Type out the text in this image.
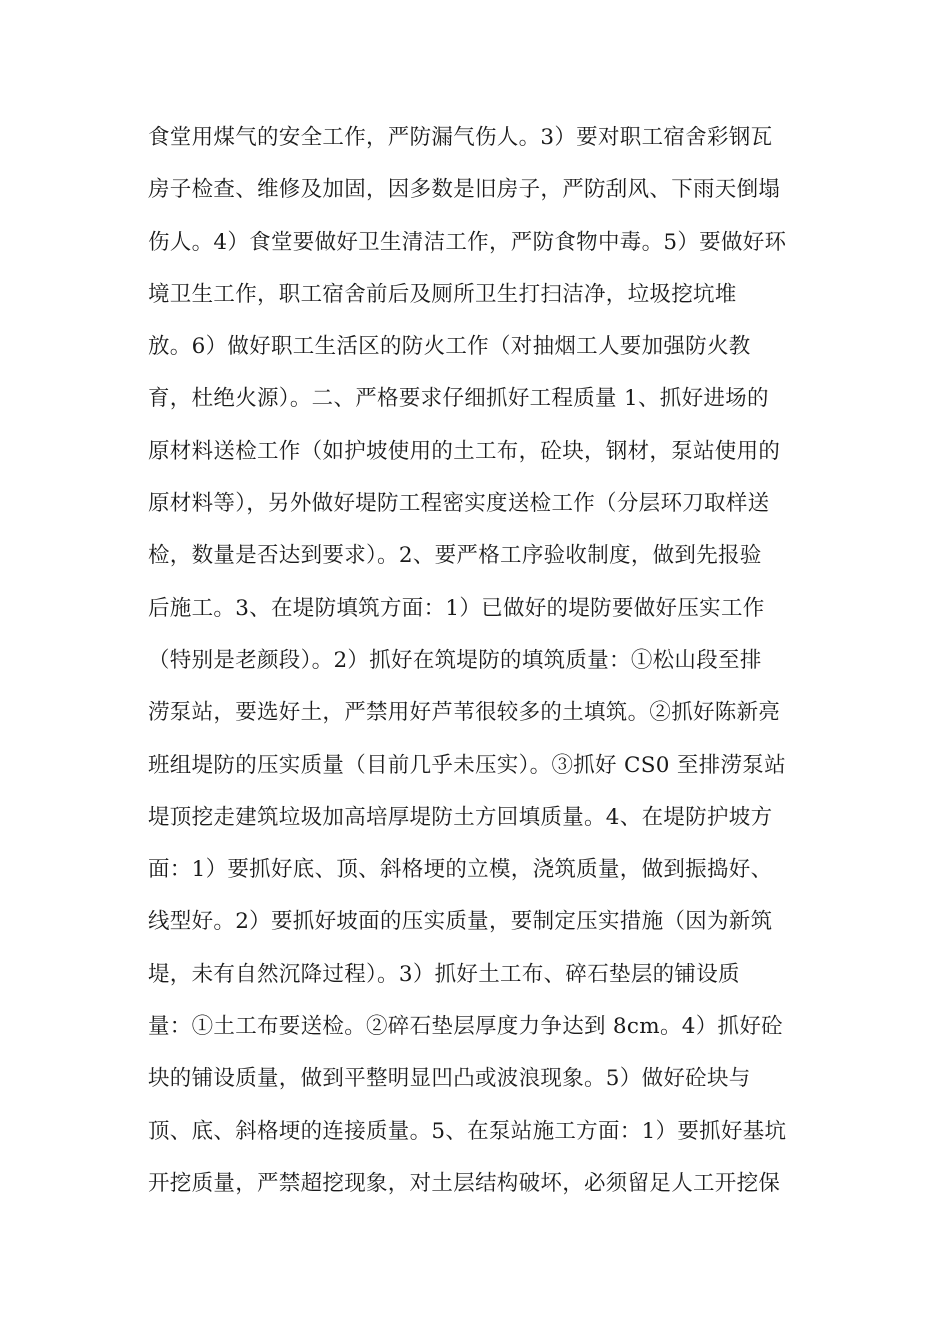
食堂用煤气的安全工作，严防漏气伤人。3）要对职工宿舍彩钢瓦
房子检查、维修及加固，因多数是旧房子，严防刮风、下雨天倒塌
伤人。4）食堂要做好卫生清洁工作，严防食物中毒。5）要做好环
境卫生工作，职工宿舍前后及厕所卫生打扫洁净，垃圾挖坑堆
放。6）做好职工生活区的防火工作（对抽烟工人要加强防火教
育，杜绝火源）。二、严格要求仔细抓好工程质量 1、抓好进场的
原材料送检工作（如护坡使用的土工布，砼块，钢材，泵站使用的
原材料等），另外做好堤防工程密实度送检工作（分层环刀取样送
检，数量是否达到要求）。2、要严格工序验收制度，做到先报验
后施工。3、在堤防填筑方面：1）已做好的堤防要做好压实工作
（特别是老颜段）。2）抓好在筑堤防的填筑质量：①松山段至排
涝泵站，要选好土，严禁用好芦苇很较多的土填筑。②抓好陈新亮
班组堤防的压实质量（目前几乎未压实）。③抓好 CS0 至排涝泵站
堤顶挖走建筑垃圾加高培厚堤防土方回填质量。4、在堤防护坡方
面：1）要抓好底、顶、斜格埂的立模，浇筑质量，做到振捣好、
线型好。2）要抓好坡面的压实质量，要制定压实措施（因为新筑
堤，未有自然沉降过程）。3）抓好土工布、碎石垫层的铺设质
量：①土工布要送检。②碎石垫层厚度力争达到 8cm。4）抓好砼
块的铺设质量，做到平整明显凹凸或波浪现象。5）做好砼块与
顶、底、斜格埂的连接质量。5、在泵站施工方面：1）要抓好基坑
开挖质量，严禁超挖现象，对土层结构破坏，必须留足人工开挖保
